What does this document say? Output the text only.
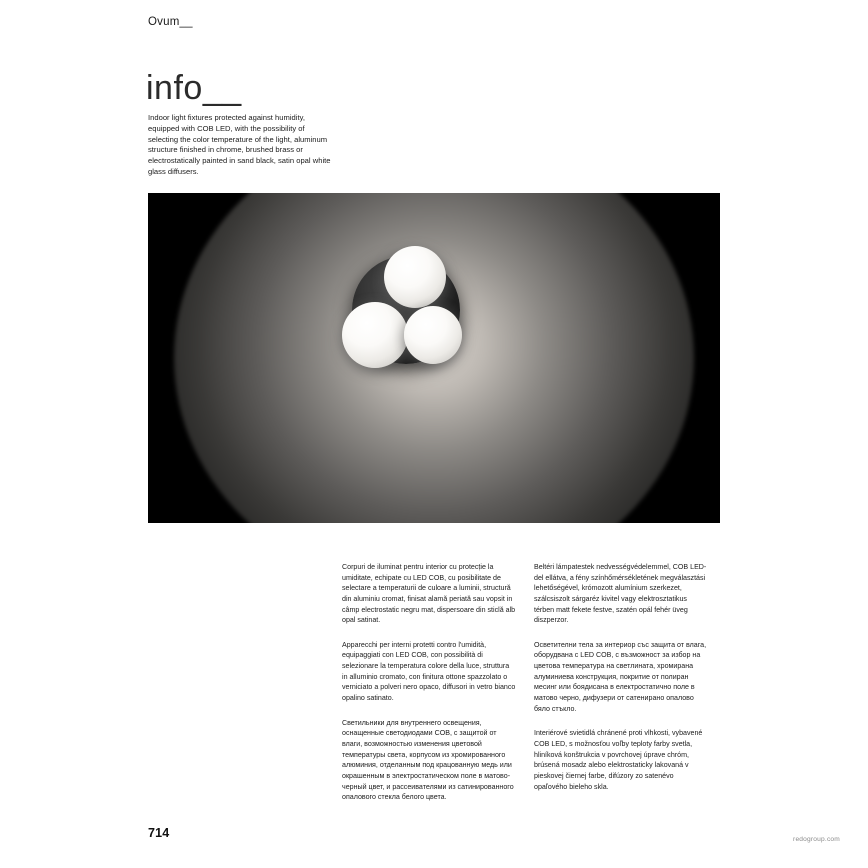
Ovum__
info__
Indoor light fixtures protected against humidity, equipped with COB LED, with the possibility of selecting the color temperature of the light, aluminum structure finished in chrome, brushed brass or electrostatically painted in sand black, satin opal white glass diffusers.

Corpuri de iluminat pentru interior cu protecție la umiditate, echipate cu LED COB, cu posibilitate de selectare a temperaturii de culoare a luminii, structură din aluminiu cromat, finisat alamă periată sau vopsit in câmp electrostatic negru mat, dispersoare din sticlă alb opal satinat.

Apparecchi per interni protetti contro l'umidità, equipaggiati con LED COB, con possibilità di selezionare la temperatura colore della luce, struttura in alluminio cromato, con finitura ottone spazzolato o verniciato a polveri nero opaco, diffusori in vetro bianco opalino satinato.

Светильники для внутреннего освещения, оснащенные светодиодами COB, с защитой от влаги, возможностью изменения цветовой температуры света, корпусом из хромированного алюминия, отделанным под крацованную медь или окрашенным в электростатическом поле в матово-черный цвет, и рассеивателями из сатинированного опалового стекла белого цвета.

Beltéri lámpatestek nedvességvédelemmel, COB LED-del ellátva, a fény színhőmérsékletének megválasztási lehetőségével, krómozott alumínium szerkezet, szálcsiszolt sárgaréz kivitel vagy elektrosztatikus térben matt fekete festve, szatén opál fehér üveg diszperzor.

Осветителни тела за интериор със защита от влага, оборудвана с LED COB, с възможност за избор на цветова температура на светлината, хромирана алуминиева конструкция, покритие от полиран месинг или боядисана в електростатично поле в матово черно, дифузери от сатенирано опалово бяло стъкло.

Interiérové svietidlá chránené proti vlhkosti, vybavené COB LED, s možnosťou voľby teploty farby svetla, hliníková konštrukcia v povrchovej úprave chróm, brúsená mosadz alebo elektrostaticky lakovaná v pieskovej čiernej farbe, difúzory zo satenévo opaľového bieleho skla.

714	redogroup.com
